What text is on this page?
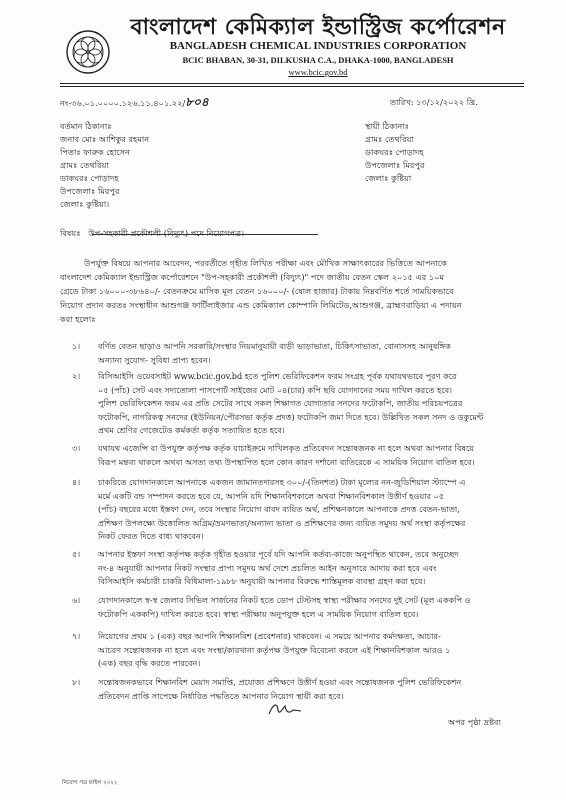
বাংলাদেশ কেমিক্যাল ইন্ডাস্ট্রিজ কর্পোরেশন
BANGLADESH CHEMICAL INDUSTRIES CORPORATION
BCIC BHABAN, 30-31, DILKUSHA C.A., DHAKA-1000, BANGLADESH
www.bcic.gov.bd
নং-৩৬.০১.০০০০.১২৬.১১.৪০১.২২/৮০৪	তারিখ: ১৩/১২/২০২২ খ্রি.
বর্তমান ঠিকানাঃ
জনাব মোঃ আশিকুর রহমান
পিতাঃ ফারুক হোসেন
গ্রামঃ তেথরিয়া
ডাকঘরঃ পোড়াদহ
উপজেলাঃ মিরপুর
জেলাঃ কুষ্টিয়া।
স্থায়ী ঠিকানাঃ
গ্রামঃ তেথরিয়া
ডাকঘরঃ পোড়াদহ
উপজেলাঃ মিরপুর
জেলাঃ কুষ্টিয়া
বিষয়ঃ উপ-সহকারী প্রকৌশলী (বিদ্যুৎ) পদে নিয়োগপত্র।

উপর্যুক্ত বিষয়ে আপনার আবেদন, পরবর্তীতে গৃহীত লিখিত পরীক্ষা এবং মৌখিক সাক্ষাৎকারের ভিত্তিতে আপনাকে

বাংলাদেশ কেমিক্যাল ইন্ডাস্ট্রিজ কর্পোরেশনে "উপ-সহকারী প্রকৌশলী (বিদ্যুৎ)" পদে জাতীয় বেতন স্কেল ২০১৫ এর ১০ম

গ্রেডে টাকা ১৬০০০-৩৮৬৪০/- বেতনক্রমে মাসিক মূল বেতন ১৬০০০/- (ষোল হাজার) টাকায় নিম্নবর্ণিত শর্তে সাময়িকভাবে

নিয়োগ প্রদান করতঃ সংস্থাধীন আশুগঞ্জ ফার্টিলাইজার এন্ড কেমিক্যাল কোম্পানি লিমিটেড,আশুগঞ্জ, ব্রাহ্মণবাড়িয়া এ পদায়ন

করা হলোঃ

১।	বর্ণিত বেতন ছাড়াও আপনি সরকারি/সংস্থার নিয়মানুযায়ী বাড়ী ভাড়াভাতা, চিকিৎসাভাতা, বোনাসসহ আনুষঙ্গিক

অন্যান্য সুযোগ- সুবিধা প্রাপ্য হবেন।

২।	বিসিআইসি ওয়েবসাইট www.bcic.gov.bd হতে পুলিশ ভেরিফিকেশন ফরম সংগ্রহ পূর্বক যথাযথভাবে পূরণ করে

০৫ (পাঁচ) সেট এবং সদ্যতোলা পাসপোর্ট সাইজের মোট ০৪(চার) কপি ছবি যোগদানের সময় দাখিল করতে হবে।

পুলিশ ভেরিফিকেশন ফরম এর প্রতি সেটের সাথে সকল শিক্ষাগত যোগ্যতার সনদের ফটোকপি, জাতীয় পরিচয়পত্রের

ফটোকপি, নাগরিকত্ব সনদের (ইউনিয়ন/পৌরসভা কর্তৃক প্রদত্ত) ফটোকপি জমা দিতে হবে। উল্লিখিত সকল সনদ ও ডকুমেন্ট

প্রথম শ্রেণির গেজেটেড কর্মকর্তা কর্তৃক সত্যায়িত হতে হবে।

৩।	যথাযথ এজেন্সি বা উপযুক্ত কর্তৃপক্ষ কর্তৃক যাচাইক্রমে দাখিলকৃত প্রতিবেদন সন্তোষজনক না হলে অথবা আপনার বিষয়ে

বিরূপ মন্তব্য থাকলে অথবা অসত্য তথ্য উপস্থাপিত হলে কোন কারণ দর্শানো ব্যতিরেকে এ সাময়িক নিয়োগ বাতিল হবে।

৪।	চাকরিতে যোগদানকালে আপনাকে একজন জামানতদারসহ ৩০০/-(তিনশত) টাকা মূল্যের নন-জুডিশিয়াল স্ট্যাম্পে এ

মর্মে একটি বন্ড সম্পাদন করতে হবে যে, আপনি যদি শিক্ষানবিশকালে অথবা শিক্ষানবিশকাল উত্তীর্ণ হওয়ার ০৫

(পাঁচ) বছরের মধ্যে ইস্তফা দেন, তবে সংস্থার নিয়োগ বাবদ ব্যয়িত অর্থ, প্রশিক্ষণকালে আপনাকে প্রদত্ত বেতন-ভাতা,

প্রশিক্ষণ উপলক্ষ্যে উত্তোলিত অগ্রিম/ভ্রমণভাতা/অন্যান্য ভাতা ও প্রশিক্ষণের জন্য ব্যয়িত সমুদয় অর্থ সংস্থা কর্তৃপক্ষের

নিকট ফেরত দিতে বাধ্য থাকবেন।

৫।	আপনার ইস্তফা সংস্থা কর্তৃপক্ষ কর্তৃক গৃহীত হওয়ার পূর্বে যদি আপনি কর্তব্য-কাজে অনুপস্থিত থাকেন, তবে অনুচ্ছেদ

নং-৪ অনুযায়ী আপনার নিকট সংস্থার প্রাপ্য সমুদয় অর্থ দেশে প্রচলিত আইন অনুসারে আদায় করা হবে এবং

বিসিআইসি কর্মচারী চাকরি বিধিমালা-১৯৮৮ অনুযায়ী আপনার বিরুদ্ধে শাস্তিমূলক ব্যবস্থা গ্রহণ করা হবে।

৬।	যোগদানকালে স্ব-স্ব জেলার সিভিল সার্জনের নিকট হতে ডোপ টেস্টসহ স্বাস্থ্য পরীক্ষার সনদের দুই সেট (মূল এককপি ও

ফটোকপি এককপি) দাখিল করতে হবে। স্বাস্থ্য পরীক্ষায় অনুপযুক্ত হলে এ সাময়িক নিয়োগ বাতিল হবে।

৭।	নিয়োগের প্রথম ১ (এক) বছর আপনি শিক্ষানবিশ (প্রবেশনার) থাকবেন। এ সময়ে আপনার কর্মদক্ষতা, আচার-

আচরণ সন্তোষজনক না হলে এবং সংস্থা/কারখানা কর্তৃপক্ষ উপযুক্ত বিবেচনা করলে এই শিক্ষানবিশকাল আরও ১

(এক) বছর বৃদ্ধি করতে পারবেন।

৮।	সন্তোষজনকভাবে শিক্ষানবিশ মেয়াদ সমাপ্তি, প্রযোজ্য প্রশিক্ষণে উত্তীর্ণ হওয়া এবং সন্তোষজনক পুলিশ ভেরিফিকেশন

প্রতিবেদন প্রাপ্তি সাপেক্ষে নির্ধারিত পদ্ধতিতে আপনার নিয়োগ স্থায়ী করা হবে।

অপর পৃষ্ঠা দ্রষ্টব্য
নিয়োগ পত্র ফাইল ২০২২
